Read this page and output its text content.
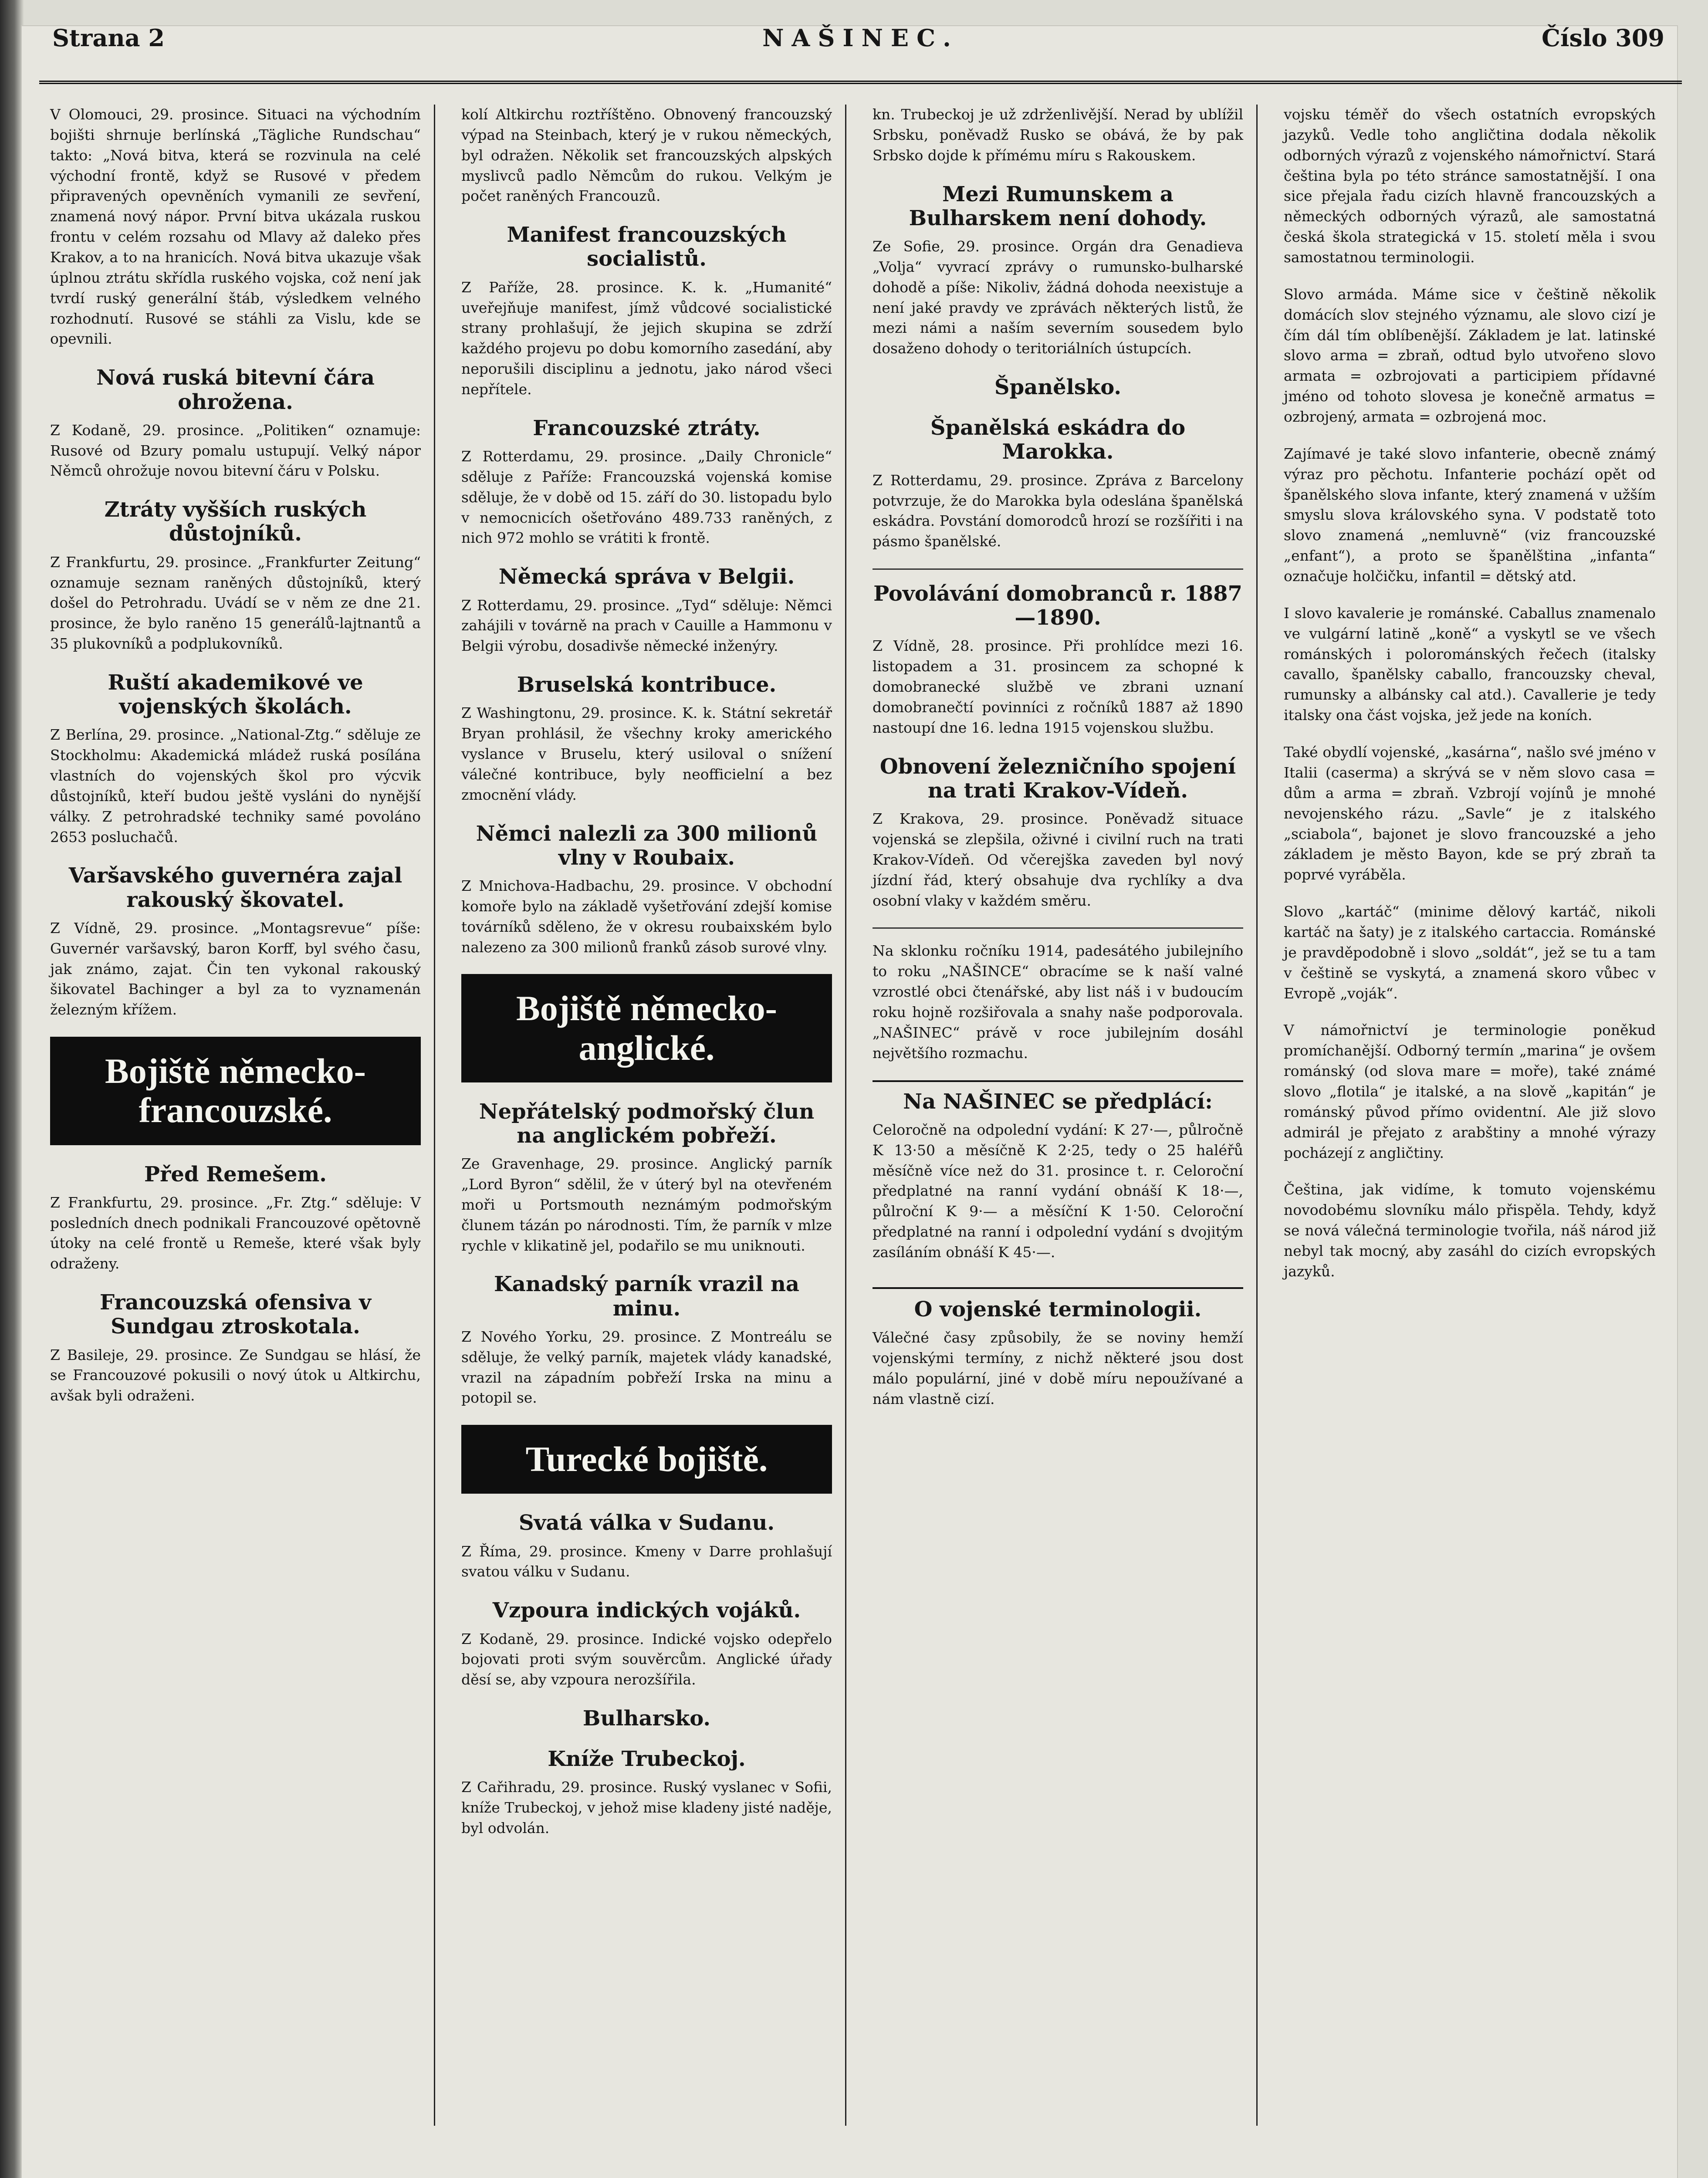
Strana 2	NAŠINEC.	Číslo 309

V Olomouci, 29. prosince. Situaci na východním bojišti shrnuje berlínská „Tägliche Rundschau“ takto: „Nová bitva, která se rozvinula na celé východní frontě, když se Rusové v předem připravených opevněních vymanili ze sevření, znamená nový nápor. První bitva ukázala ruskou frontu v celém rozsahu od Mlavy až daleko přes Krakov, a to na hranicích. Nová bitva ukazuje však úplnou ztrátu skřídla ruského vojska, což není jak tvrdí ruský generální štáb, výsledkem velného rozhodnutí. Rusové se stáhli za Vislu, kde se opevnili.

Nová ruská bitevní čára ohrožena.

Z Kodaně, 29. prosince. „Politiken“ oznamuje: Rusové od Bzury pomalu ustupují. Velký nápor Němců ohrožuje novou bitevní čáru v Polsku.

Ztráty vyšších ruských důstojníků.

Z Frankfurtu, 29. prosince. „Frankfurter Zeitung“ oznamuje seznam raněných důstojníků, který došel do Petrohradu. Uvádí se v něm ze dne 21. prosince, že bylo raněno 15 generálů-lajtnantů a 35 plukovníků a podplukovníků.

Ruští akademikové ve vojenských školách.

Z Berlína, 29. prosince. „National-Ztg.“ sděluje ze Stockholmu: Akademická mládež ruská posílána vlastních do vojenských škol pro výcvik důstojníků, kteří budou ještě vysláni do nynější války. Z petrohradské techniky samé povoláno 2653 posluchačů.

Varšavského guvernéra zajal rakouský škovatel.

Z Vídně, 29. prosince. „Montagsrevue“ píše: Guvernér varšavský, baron Korff, byl svého času, jak známo, zajat. Čin ten vykonal rakouský šikovatel Bachinger a byl za to vyznamenán železným křížem.

Bojiště německo-francouzské.
Před Remešem.

Z Frankfurtu, 29. prosince. „Fr. Ztg.“ sděluje: V posledních dnech podnikali Francouzové opětovně útoky na celé frontě u Remeše, které však byly odraženy.

Francouzská ofensiva v Sundgau ztroskotala.

Z Basileje, 29. prosince. Ze Sundgau se hlásí, že se Francouzové pokusili o nový útok u Altkirchu, avšak byli odraženi.

kolí Altkirchu roztříštěno. Obnovený francouzský výpad na Steinbach, který je v rukou německých, byl odražen. Několik set francouzských alpských myslivců padlo Němcům do rukou. Velkým je počet raněných Francouzů.

Manifest francouzských socialistů.

Z Paříže, 28. prosince. K. k. „Humanité“ uveřejňuje manifest, jímž vůdcové socialistické strany prohlašují, že jejich skupina se zdrží každého projevu po dobu komorního zasedání, aby neporušili disciplinu a jednotu, jako národ všeci nepřítele.

Francouzské ztráty.

Z Rotterdamu, 29. prosince. „Daily Chronicle“ sděluje z Paříže: Francouzská vojenská komise sděluje, že v době od 15. září do 30. listopadu bylo v nemocnicích ošetřováno 489.733 raněných, z nich 972 mohlo se vrátiti k frontě.

Německá správa v Belgii.

Z Rotterdamu, 29. prosince. „Tyd“ sděluje: Němci zahájili v továrně na prach v Cauille a Hammonu v Belgii výrobu, dosadivše německé inženýry.

Bruselská kontribuce.

Z Washingtonu, 29. prosince. K. k. Státní sekretář Bryan prohlásil, že všechny kroky amerického vyslance v Bruselu, který usiloval o snížení válečné kontribuce, byly neofficielní a bez zmocnění vlády.

Němci nalezli za 300 milionů vlny v Roubaix.

Z Mnichova-Hadbachu, 29. prosince. V obchodní komoře bylo na základě vyšetřování zdejší komise továrníků sděleno, že v okresu roubaixském bylo nalezeno za 300 milionů franků zásob surové vlny.

Bojiště německo-anglické.
Nepřátelský podmořský člun na anglickém pobřeží.

Ze Gravenhage, 29. prosince. Anglický parník „Lord Byron“ sdělil, že v úterý byl na otevřeném moři u Portsmouth neznámým podmořským člunem tázán po národnosti. Tím, že parník v mlze rychle v klikatině jel, podařilo se mu uniknouti.

Kanadský parník vrazil na minu.

Z Nového Yorku, 29. prosince. Z Montreálu se sděluje, že velký parník, majetek vlády kanadské, vrazil na západním pobřeží Irska na minu a potopil se.

Turecké bojiště.
Svatá válka v Sudanu.

Z Říma, 29. prosince. Kmeny v Darre prohlašují svatou válku v Sudanu.

Vzpoura indických vojáků.

Z Kodaně, 29. prosince. Indické vojsko odepřelo bojovati proti svým souvěrcům. Anglické úřady děsí se, aby vzpoura nerozšířila.

Bulharsko.
Kníže Trubeckoj.

Z Cařihradu, 29. prosince. Ruský vyslanec v Sofii, kníže Trubeckoj, v jehož mise kladeny jisté naděje, byl odvolán.

kn. Trubeckoj je už zdrženlivější. Nerad by ublížil Srbsku, poněvadž Rusko se obává, že by pak Srbsko dojde k přímému míru s Rakouskem.

Mezi Rumunskem a Bulharskem není dohody.

Ze Sofie, 29. prosince. Orgán dra Genadieva „Volja“ vyvrací zprávy o rumunsko-bulharské dohodě a píše: Nikoliv, žádná dohoda neexistuje a není jaké pravdy ve zprávách některých listů, že mezi námi a naším severním sousedem bylo dosaženo dohody o teritoriálních ústupcích.

Španělsko.
Španělská eskádra do Marokka.

Z Rotterdamu, 29. prosince. Zpráva z Barcelony potvrzuje, že do Marokka byla odeslána španělská eskádra. Povstání domorodců hrozí se rozšířiti i na pásmo španělské.

Povolávání domobranců r. 1887—1890.

Z Vídně, 28. prosince. Při prohlídce mezi 16. listopadem a 31. prosincem za schopné k domobranecké službě ve zbrani uznaní domobranečtí povinníci z ročníků 1887 až 1890 nastoupí dne 16. ledna 1915 vojenskou službu.

Obnovení železničního spojení na trati Krakov-Vídeň.

Z Krakova, 29. prosince. Poněvadž situace vojenská se zlepšila, oživné i civilní ruch na trati Krakov-Vídeň. Od včerejška zaveden byl nový jízdní řád, který obsahuje dva rychlíky a dva osobní vlaky v každém směru.

Na sklonku ročníku 1914, padesátého jubilejního to roku „NAŠINCE“ obracíme se k naší valné vzrostlé obci čtenářské, aby list náš i v budoucím roku hojně rozšiřovala a snahy naše podporovala. „NAŠINEC“ právě v roce jubilejním dosáhl největšího rozmachu.

Na NAŠINEC se předplácí:

Celoročně na odpolední vydání: K 27·—, půlročně K 13·50 a měsíčně K 2·25, tedy o 25 haléřů měsíčně více než do 31. prosince t. r. Celoroční předplatné na ranní vydání obnáší K 18·—, půlroční K 9·— a měsíční K 1·50. Celoroční předplatné na ranní i odpolední vydání s dvojitým zasíláním obnáší K 45·—.

O vojenské terminologii.

Válečné časy způsobily, že se noviny hemží vojenskými termíny, z nichž některé jsou dost málo populární, jiné v době míru nepoužívané a nám vlastně cizí.

vojsku téměř do všech ostatních evropských jazyků. Vedle toho angličtina dodala několik odborných výrazů z vojenského námořnictví. Stará čeština byla po této stránce samostatnější. I ona sice přejala řadu cizích hlavně francouzských a německých odborných výrazů, ale samostatná česká škola strategická v 15. století měla i svou samostatnou terminologii.

Slovo armáda. Máme sice v češtině několik domácích slov stejného významu, ale slovo cizí je čím dál tím oblíbenější. Základem je lat. latinské slovo arma = zbraň, odtud bylo utvořeno slovo armata = ozbrojovati a participiem přídavné jméno od tohoto slovesa je konečně armatus = ozbrojený, armata = ozbrojená moc.

Zajímavé je také slovo infanterie, obecně známý výraz pro pěchotu. Infanterie pochází opět od španělského slova infante, který znamená v užším smyslu slova královského syna. V podstatě toto slovo znamená „nemluvně“ (viz francouzské „enfant“), a proto se španělština „infanta“ označuje holčičku, infantil = dětský atd.

I slovo kavalerie je románské. Caballus znamenalo ve vulgární latině „koně“ a vyskytl se ve všech románských i polorománských řečech (italsky cavallo, španělsky caballo, francouzsky cheval, rumunsky a albánsky cal atd.). Cavallerie je tedy italsky ona část vojska, jež jede na koních.

Také obydlí vojenské, „kasárna“, našlo své jméno v Italii (caserma) a skrývá se v něm slovo casa = dům a arma = zbraň. Vzbrojí vojínů je mnohé nevojenského rázu. „Savle“ je z italského „sciabola“, bajonet je slovo francouzské a jeho základem je město Bayon, kde se prý zbraň ta poprvé vyráběla.

Slovo „kartáč“ (minime dělový kartáč, nikoli kartáč na šaty) je z italského cartaccia. Románské je pravděpodobně i slovo „soldát“, jež se tu a tam v češtině se vyskytá, a znamená skoro vůbec v Evropě „voják“.

V námořnictví je terminologie poněkud promíchanější. Odborný termín „marina“ je ovšem románský (od slova mare = moře), také známé slovo „flotila“ je italské, a na slově „kapitán“ je románský původ přímo ovidentní. Ale již slovo admirál je přejato z arabštiny a mnohé výrazy pocházejí z angličtiny.

Čeština, jak vidíme, k tomuto vojenskému novodobému slovníku málo přispěla. Tehdy, když se nová válečná terminologie tvořila, náš národ již nebyl tak mocný, aby zasáhl do cizích evropských jazyků.
